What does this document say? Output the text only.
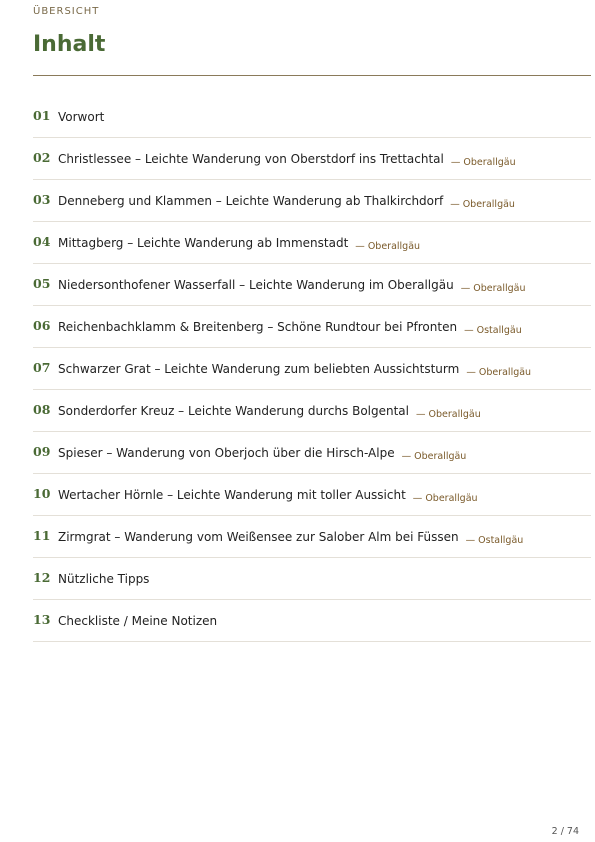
ÜBERSICHT
Inhalt
01 Vorwort
02 Christlessee – Leichte Wanderung von Oberstdorf ins Trettachtal — Oberallgäu
03 Denneberg und Klammen – Leichte Wanderung ab Thalkirchdorf — Oberallgäu
04 Mittagberg – Leichte Wanderung ab Immenstadt — Oberallgäu
05 Niedersonthofener Wasserfall – Leichte Wanderung im Oberallgäu — Oberallgäu
06 Reichenbachklamm & Breitenberg – Schöne Rundtour bei Pfronten — Ostallgäu
07 Schwarzer Grat – Leichte Wanderung zum beliebten Aussichtsturm — Oberallgäu
08 Sonderdorfer Kreuz – Leichte Wanderung durchs Bolgental — Oberallgäu
09 Spieser – Wanderung von Oberjoch über die Hirsch-Alpe — Oberallgäu
10 Wertacher Hörnle – Leichte Wanderung mit toller Aussicht — Oberallgäu
11 Zirmgrat – Wanderung vom Weißensee zur Salober Alm bei Füssen — Ostallgäu
12 Nützliche Tipps
13 Checkliste / Meine Notizen
2 / 74
